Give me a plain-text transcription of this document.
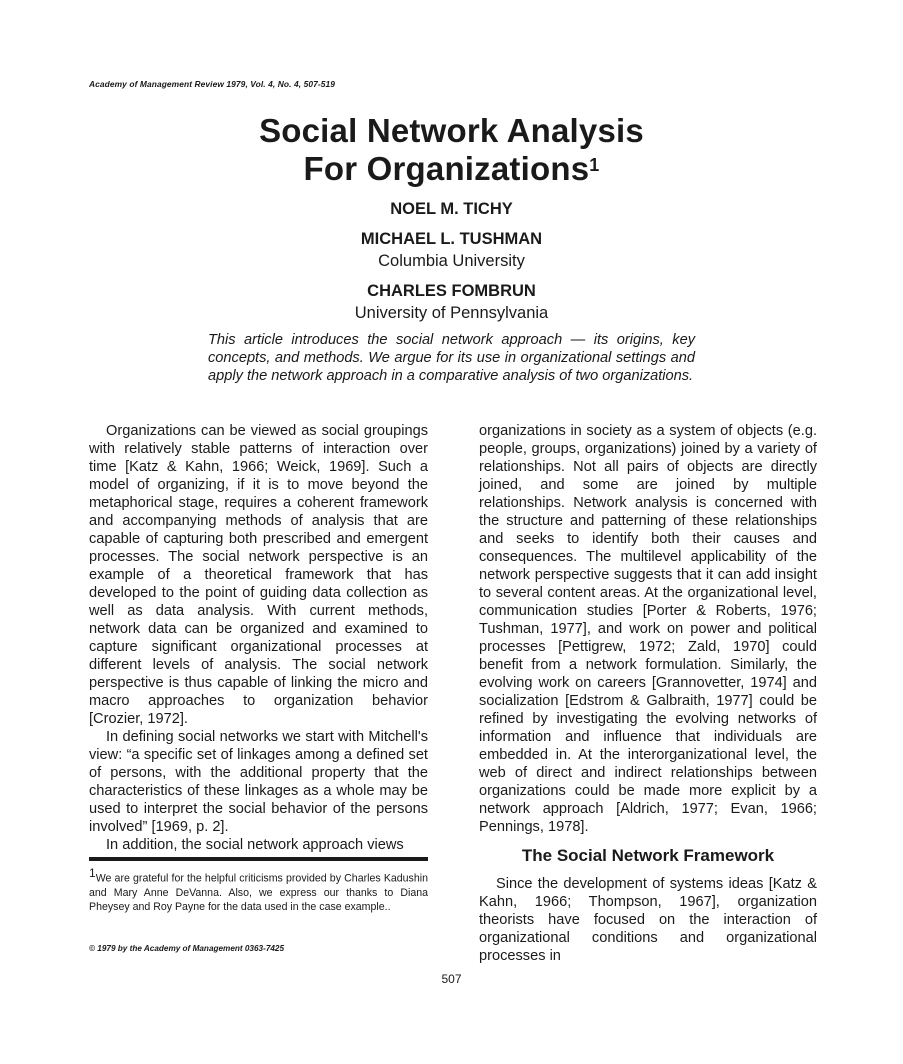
Academy of Management Review 1979, Vol. 4, No. 4, 507-519
Social Network Analysis
For Organizations$^1$
NOEL M. TICHY
MICHAEL L. TUSHMAN
Columbia University
CHARLES FOMBRUN
University of Pennsylvania
This article introduces the social network approach — its origins, key concepts, and methods. We argue for its use in organizational settings and apply the network approach in a comparative analysis of two organizations.

Organizations can be viewed as social groupings with relatively stable patterns of interaction over time [Katz & Kahn, 1966; Weick, 1969]. Such a model of organizing, if it is to move beyond the metaphorical stage, requires a coherent framework and accompanying methods of analysis that are capable of capturing both prescribed and emergent processes. The social network perspective is an example of a theoretical framework that has developed to the point of guiding data collection as well as data analysis. With current methods, network data can be organized and examined to capture significant organizational processes at different levels of analysis. The social network perspective is thus capable of linking the micro and macro approaches to organization behavior [Crozier, 1972].

In defining social networks we start with Mitchell's view: “a specific set of linkages among a defined set of persons, with the additional property that the characteristics of these linkages as a whole may be used to interpret the social behavior of the persons involved” [1969, p. 2].

In addition, the social network approach views

organizations in society as a system of objects (e.g. people, groups, organizations) joined by a variety of relationships. Not all pairs of objects are directly joined, and some are joined by multiple relationships. Network analysis is concerned with the structure and patterning of these relationships and seeks to identify both their causes and consequences. The multilevel applicability of the network perspective suggests that it can add insight to several content areas. At the organizational level, communication studies [Porter & Roberts, 1976; Tushman, 1977], and work on power and political processes [Pettigrew, 1972; Zald, 1970] could benefit from a network formulation. Similarly, the evolving work on careers [Grannovetter, 1974] and socialization [Edstrom & Galbraith, 1977] could be refined by investigating the evolving networks of information and influence that individuals are embedded in. At the interorganizational level, the web of direct and indirect relationships between organizations could be made more explicit by a network approach [Aldrich, 1977; Evan, 1966; Pennings, 1978].

The Social Network Framework

Since the development of systems ideas [Katz & Kahn, 1966; Thompson, 1967], organization theorists have focused on the interaction of organizational conditions and organizational processes in

$^1$We are grateful for the helpful criticisms provided by Charles Kadushin and Mary Anne DeVanna. Also, we express our thanks to Diana Pheysey and Roy Payne for the data used in the case example..
© 1979 by the Academy of Management 0363-7425
507
